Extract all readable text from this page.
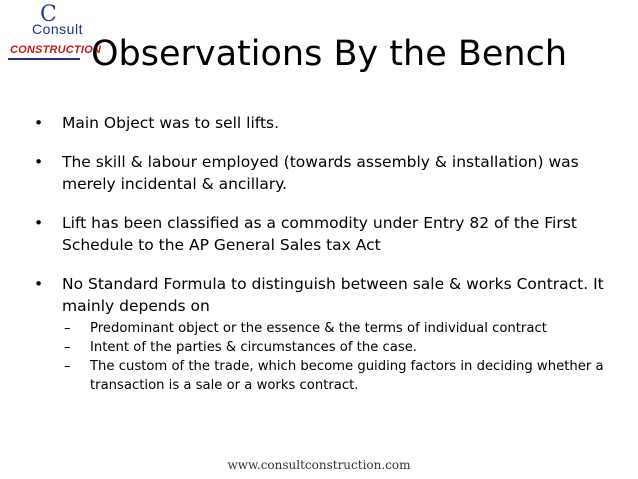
C
Consult
CONSTRUCTION
Observations By the Bench
• Main Object was to sell lifts.
• The skill & labour employed (towards assembly & installation) was merely incidental & ancillary.
• Lift has been classified as a commodity under Entry 82 of the First Schedule to the AP General Sales tax Act
• No Standard Formula to distinguish between sale & works Contract. It mainly depends on
– Predominant object or the essence & the terms of individual contract
– Intent of the parties & circumstances of the case.
– The custom of the trade, which become guiding factors in deciding whether a transaction is a sale or a works contract.
www.consultconstruction.com
